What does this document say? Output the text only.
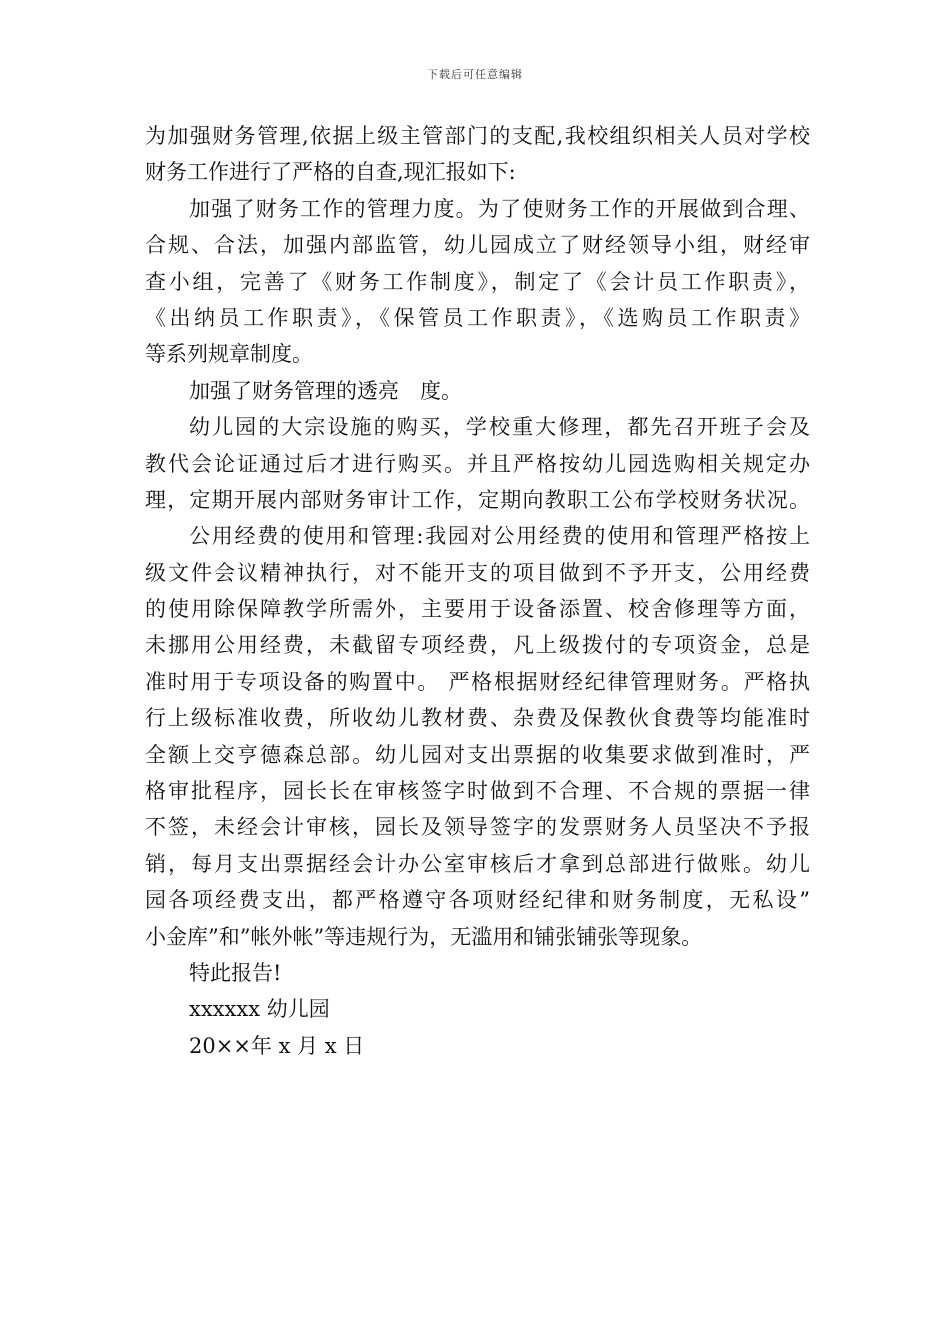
下载后可任意编辑
为加强财务管理,依据上级主管部门的支配,我校组织相关人员对学校
财务工作进行了严格的自查,现汇报如下:
加强了财务工作的管理力度。为了使财务工作的开展做到合理、
合规、合法，加强内部监管，幼儿园成立了财经领导小组，财经审
查小组，完善了《财务工作制度》，制定了《会计员工作职责》，
《出纳员工作职责》，《保管员工作职责》，《选购员工作职责》
等系列规章制度。
加强了财务管理的透亮　度。
幼儿园的大宗设施的购买，学校重大修理，都先召开班子会及
教代会论证通过后才进行购买。并且严格按幼儿园选购相关规定办
理，定期开展内部财务审计工作，定期向教职工公布学校财务状况。
公用经费的使用和管理:我园对公用经费的使用和管理严格按上
级文件会议精神执行，对不能开支的项目做到不予开支，公用经费
的使用除保障教学所需外，主要用于设备添置、校舍修理等方面，
未挪用公用经费，未截留专项经费，凡上级拨付的专项资金，总是
准时用于专项设备的购置中。 严格根据财经纪律管理财务。严格执
行上级标准收费，所收幼儿教材费、杂费及保教伙食费等均能准时
全额上交亨德森总部。幼儿园对支出票据的收集要求做到准时，严
格审批程序，园长长在审核签字时做到不合理、不合规的票据一律
不签，未经会计审核，园长及领导签字的发票财务人员坚决不予报
销，每月支出票据经会计办公室审核后才拿到总部进行做账。幼儿
园各项经费支出，都严格遵守各项财经纪律和财务制度，无私设”
小金库”和”帐外帐”等违规行为，无滥用和铺张铺张等现象。
特此报告!
xxxxxx 幼儿园
20××年 x 月 x 日
